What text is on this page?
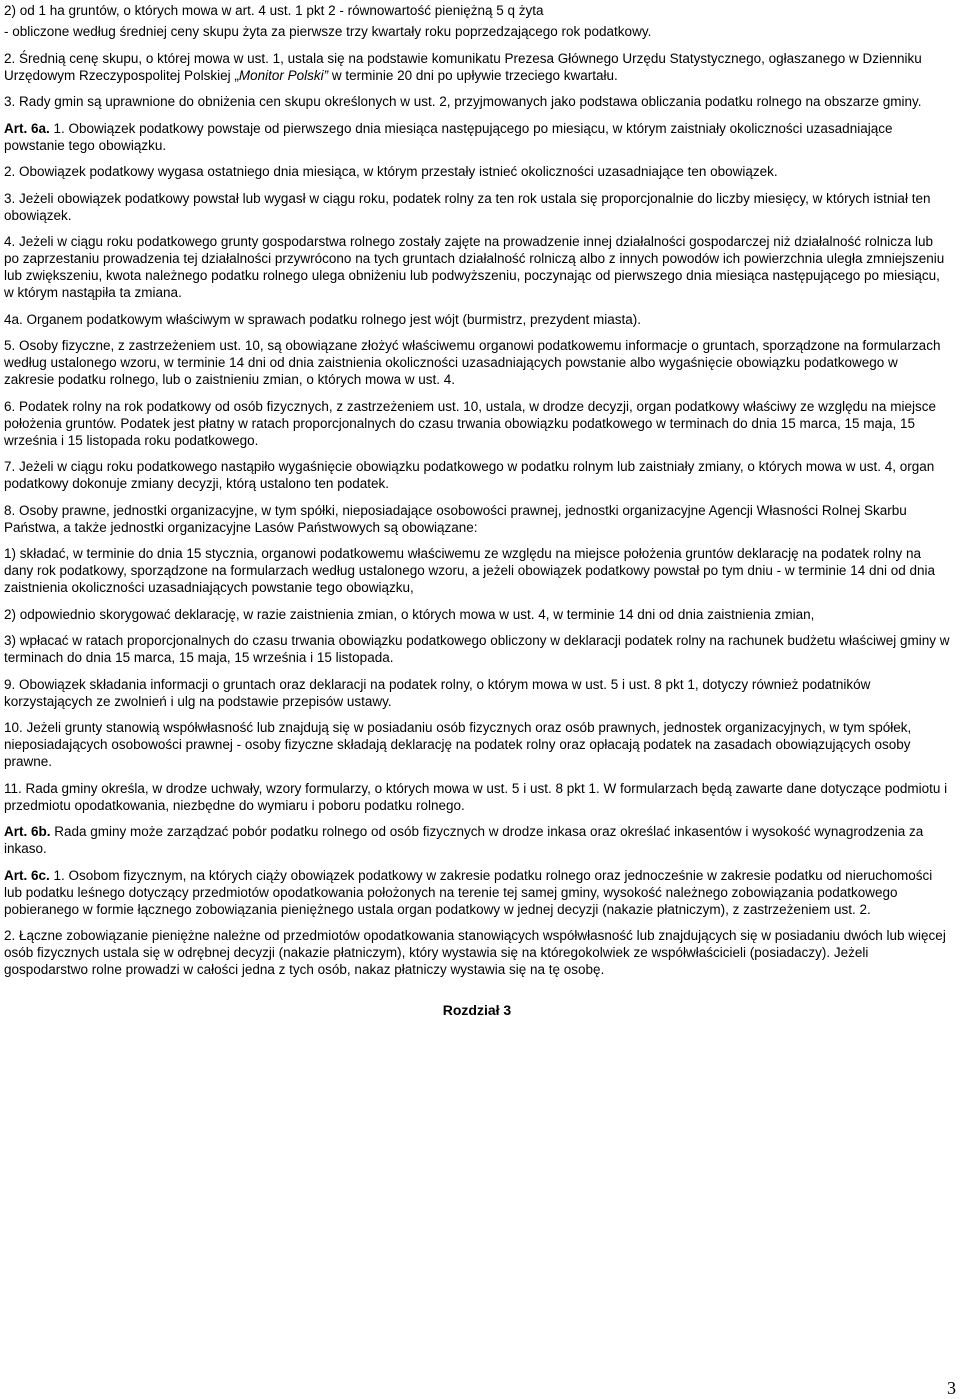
2) od 1 ha gruntów, o których mowa w art. 4 ust. 1 pkt 2 - równowartość pieniężną 5 q żyta

- obliczone według średniej ceny skupu żyta za pierwsze trzy kwartały roku poprzedzającego rok podatkowy.

2. Średnią cenę skupu, o której mowa w ust. 1, ustala się na podstawie komunikatu Prezesa Głównego Urzędu Statystycznego, ogłaszanego w Dzienniku Urzędowym Rzeczypospolitej Polskiej „Monitor Polski” w terminie 20 dni po upływie trzeciego kwartału.

3. Rady gmin są uprawnione do obniżenia cen skupu określonych w ust. 2, przyjmowanych jako podstawa obliczania podatku rolnego na obszarze gminy.

Art. 6a. 1. Obowiązek podatkowy powstaje od pierwszego dnia miesiąca następującego po miesiącu, w którym zaistniały okoliczności uzasadniające powstanie tego obowiązku.

2. Obowiązek podatkowy wygasa ostatniego dnia miesiąca, w którym przestały istnieć okoliczności uzasadniające ten obowiązek.

3. Jeżeli obowiązek podatkowy powstał lub wygasł w ciągu roku, podatek rolny za ten rok ustala się proporcjonalnie do liczby miesięcy, w których istniał ten obowiązek.

4. Jeżeli w ciągu roku podatkowego grunty gospodarstwa rolnego zostały zajęte na prowadzenie innej działalności gospodarczej niż działalność rolnicza lub po zaprzestaniu prowadzenia tej działalności przywrócono na tych gruntach działalność rolniczą albo z innych powodów ich powierzchnia uległa zmniejszeniu lub zwiększeniu, kwota należnego podatku rolnego ulega obniżeniu lub podwyższeniu, poczynając od pierwszego dnia miesiąca następującego po miesiącu, w którym nastąpiła ta zmiana.

4a. Organem podatkowym właściwym w sprawach podatku rolnego jest wójt (burmistrz, prezydent miasta).

5. Osoby fizyczne, z zastrzeżeniem ust. 10, są obowiązane złożyć właściwemu organowi podatkowemu informacje o gruntach, sporządzone na formularzach według ustalonego wzoru, w terminie 14 dni od dnia zaistnienia okoliczności uzasadniających powstanie albo wygaśnięcie obowiązku podatkowego w zakresie podatku rolnego, lub o zaistnieniu zmian, o których mowa w ust. 4.

6. Podatek rolny na rok podatkowy od osób fizycznych, z zastrzeżeniem ust. 10, ustala, w drodze decyzji, organ podatkowy właściwy ze względu na miejsce położenia gruntów. Podatek jest płatny w ratach proporcjonalnych do czasu trwania obowiązku podatkowego w terminach do dnia 15 marca, 15 maja, 15 września i 15 listopada roku podatkowego.

7. Jeżeli w ciągu roku podatkowego nastąpiło wygaśnięcie obowiązku podatkowego w podatku rolnym lub zaistniały zmiany, o których mowa w ust. 4, organ podatkowy dokonuje zmiany decyzji, którą ustalono ten podatek.

8. Osoby prawne, jednostki organizacyjne, w tym spółki, nieposiadające osobowości prawnej, jednostki organizacyjne Agencji Własności Rolnej Skarbu Państwa, a także jednostki organizacyjne Lasów Państwowych są obowiązane:

1) składać, w terminie do dnia 15 stycznia, organowi podatkowemu właściwemu ze względu na miejsce położenia gruntów deklarację na podatek rolny na dany rok podatkowy, sporządzone na formularzach według ustalonego wzoru, a jeżeli obowiązek podatkowy powstał po tym dniu - w terminie 14 dni od dnia zaistnienia okoliczności uzasadniających powstanie tego obowiązku,

2) odpowiednio skorygować deklarację, w razie zaistnienia zmian, o których mowa w ust. 4, w terminie 14 dni od dnia zaistnienia zmian,

3) wpłacać w ratach proporcjonalnych do czasu trwania obowiązku podatkowego obliczony w deklaracji podatek rolny na rachunek budżetu właściwej gminy w terminach do dnia 15 marca, 15 maja, 15 września i 15 listopada.

9. Obowiązek składania informacji o gruntach oraz deklaracji na podatek rolny, o którym mowa w ust. 5 i ust. 8 pkt 1, dotyczy również podatników korzystających ze zwolnień i ulg na podstawie przepisów ustawy.

10. Jeżeli grunty stanowią współwłasność lub znajdują się w posiadaniu osób fizycznych oraz osób prawnych, jednostek organizacyjnych, w tym spółek, nieposiadających osobowości prawnej - osoby fizyczne składają deklarację na podatek rolny oraz opłacają podatek na zasadach obowiązujących osoby prawne.

11. Rada gminy określa, w drodze uchwały, wzory formularzy, o których mowa w ust. 5 i ust. 8 pkt 1. W formularzach będą zawarte dane dotyczące podmiotu i przedmiotu opodatkowania, niezbędne do wymiaru i poboru podatku rolnego.

Art. 6b. Rada gminy może zarządzać pobór podatku rolnego od osób fizycznych w drodze inkasa oraz określać inkasentów i wysokość wynagrodzenia za inkaso.

Art. 6c. 1. Osobom fizycznym, na których ciąży obowiązek podatkowy w zakresie podatku rolnego oraz jednocześnie w zakresie podatku od nieruchomości lub podatku leśnego dotyczący przedmiotów opodatkowania położonych na terenie tej samej gminy, wysokość należnego zobowiązania podatkowego pobieranego w formie łącznego zobowiązania pieniężnego ustala organ podatkowy w jednej decyzji (nakazie płatniczym), z zastrzeżeniem ust. 2.

2. Łączne zobowiązanie pieniężne należne od przedmiotów opodatkowania stanowiących współwłasność lub znajdujących się w posiadaniu dwóch lub więcej osób fizycznych ustala się w odrębnej decyzji (nakazie płatniczym), który wystawia się na któregokolwiek ze współwłaścicieli (posiadaczy). Jeżeli gospodarstwo rolne prowadzi w całości jedna z tych osób, nakaz płatniczy wystawia się na tę osobę.

Rozdział 3
3
